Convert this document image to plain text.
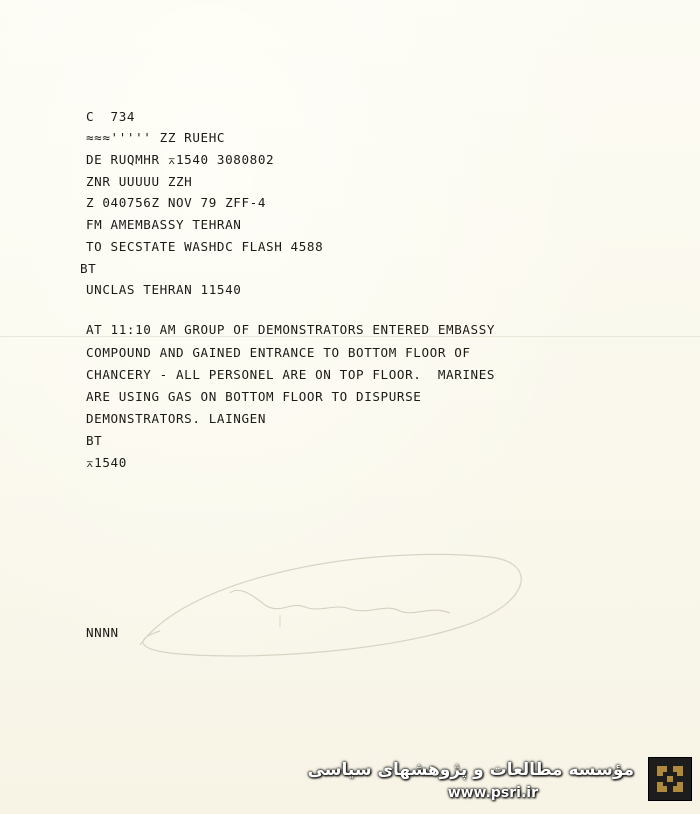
C  734
≈≈≈''''' ZZ RUEHC
DE RUQMHR ⌅1540 3080802
ZNR UUUUU ZZH
Z 040756Z NOV 79 ZFF-4
FM AMEMBASSY TEHRAN
TO SECSTATE WASHDC FLASH 4588
BT
UNCLAS TEHRAN 11540
AT 11:10 AM GROUP OF DEMONSTRATORS ENTERED EMBASSY
COMPOUND AND GAINED ENTRANCE TO BOTTOM FLOOR OF
CHANCERY - ALL PERSONEL ARE ON TOP FLOOR.  MARINES
ARE USING GAS ON BOTTOM FLOOR TO DISPURSE
DEMONSTRATORS. LAINGEN
BT
⌅1540
NNNN
مؤسسه مطالعات و پژوهشهای سیاسی
www.psri.ir
